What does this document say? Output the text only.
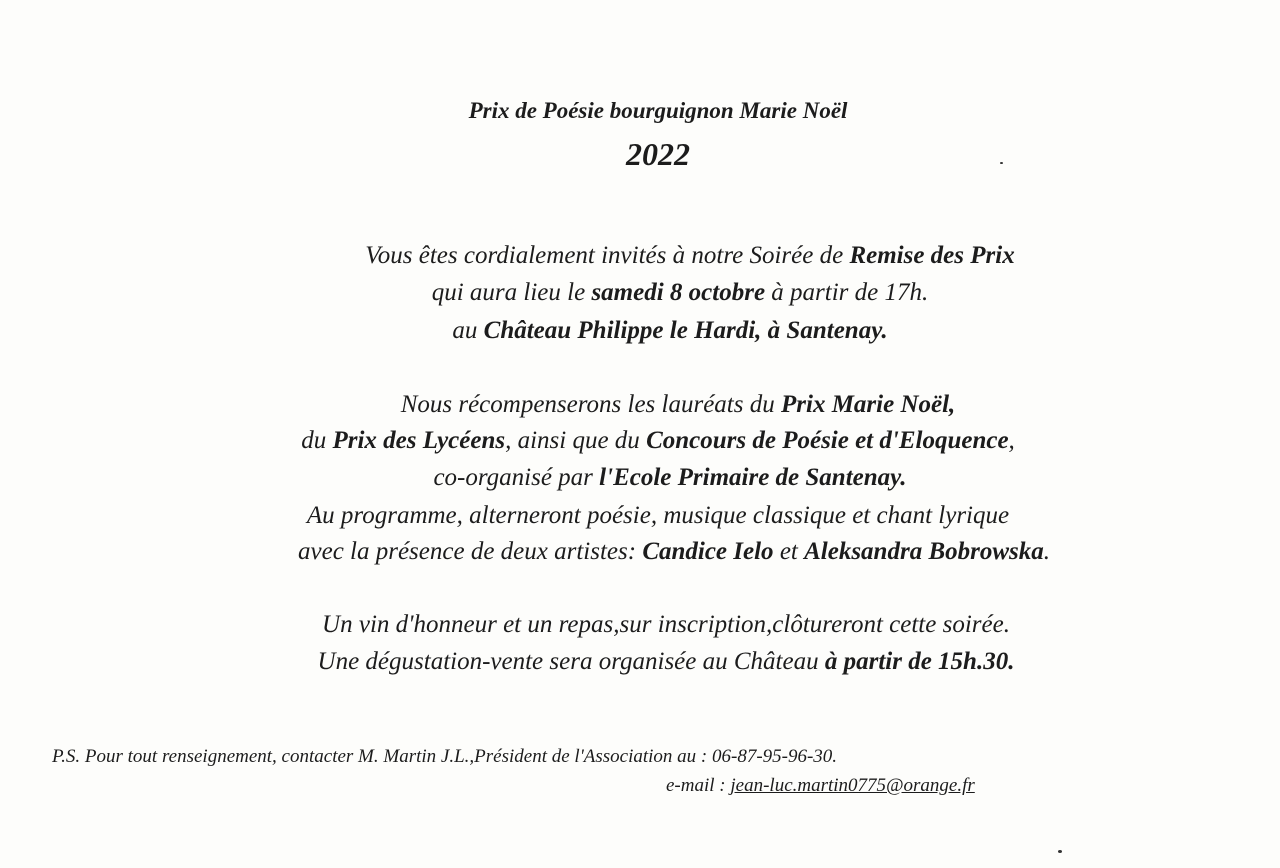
Prix de Poésie bourguignon Marie Noël
2022
Vous êtes cordialement invités à notre Soirée de Remise des Prix
qui aura lieu le samedi 8 octobre à partir de 17h.
au Château Philippe le Hardi, à Santenay.
Nous récompenserons les lauréats du Prix Marie Noël,
du Prix des Lycéens, ainsi que du Concours de Poésie et d'Eloquence,
co-organisé par l'Ecole Primaire de Santenay.
Au programme, alterneront poésie, musique classique et chant lyrique
avec la présence de deux artistes: Candice Ielo et Aleksandra Bobrowska.
Un vin d'honneur et un repas,sur inscription,clôtureront cette soirée.
Une dégustation-vente sera organisée au Château à partir de 15h.30.
P.S. Pour tout renseignement, contacter M. Martin J.L.,Président de l'Association au : 06-87-95-96-30.
e-mail : jean-luc.martin0775@orange.fr
